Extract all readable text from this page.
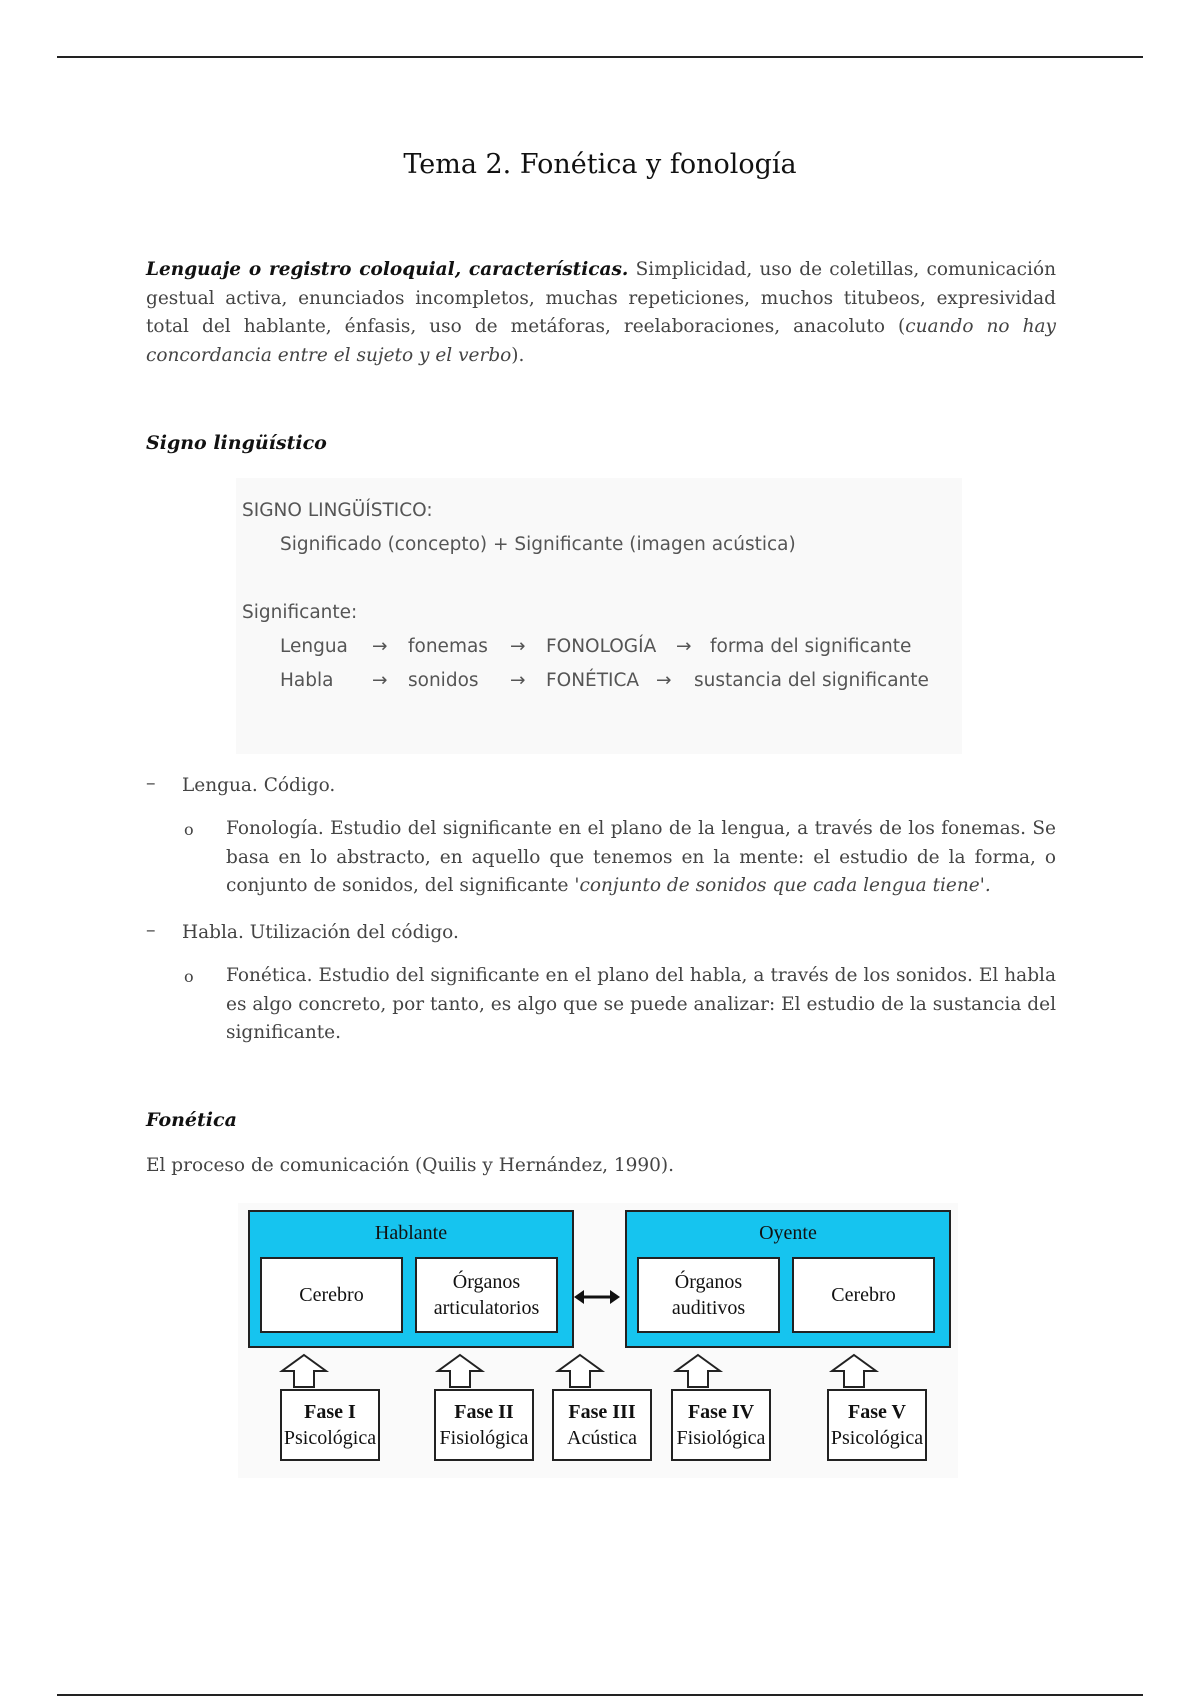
Tema 2. Fonética y fonología
Lenguaje o registro coloquial, características. Simplicidad, uso de coletillas, comunicación gestual activa, enunciados incompletos, muchas repeticiones, muchos titubeos, expresividad total del hablante, énfasis, uso de metáforas, reelaboraciones, anacoluto (cuando no hay concordancia entre el sujeto y el verbo).
Signo lingüístico
SIGNO LINGÜÍSTICO:
Significado (concepto) + Significante (imagen acústica)
Significante:
Lengua → fonemas → FONOLOGÍA → forma del significante
Habla → sonidos → FONÉTICA → sustancia del significante
– Lengua. Código.
o Fonología. Estudio del significante en el plano de la lengua, a través de los fonemas. Se basa en lo abstracto, en aquello que tenemos en la mente: el estudio de la forma, o conjunto de sonidos, del significante 'conjunto de sonidos que cada lengua tiene'.
– Habla. Utilización del código.
o Fonética. Estudio del significante en el plano del habla, a través de los sonidos. El habla es algo concreto, por tanto, es algo que se puede analizar: El estudio de la sustancia del significante.
Fonética
El proceso de comunicación (Quilis y Hernández, 1990).
Hablante
Cerebro
Órganos
articulatorios
Oyente
Órganos
auditivos
Cerebro
Fase I
Psicológica
Fase II
Fisiológica
Fase III
Acústica
Fase IV
Fisiológica
Fase V
Psicológica
